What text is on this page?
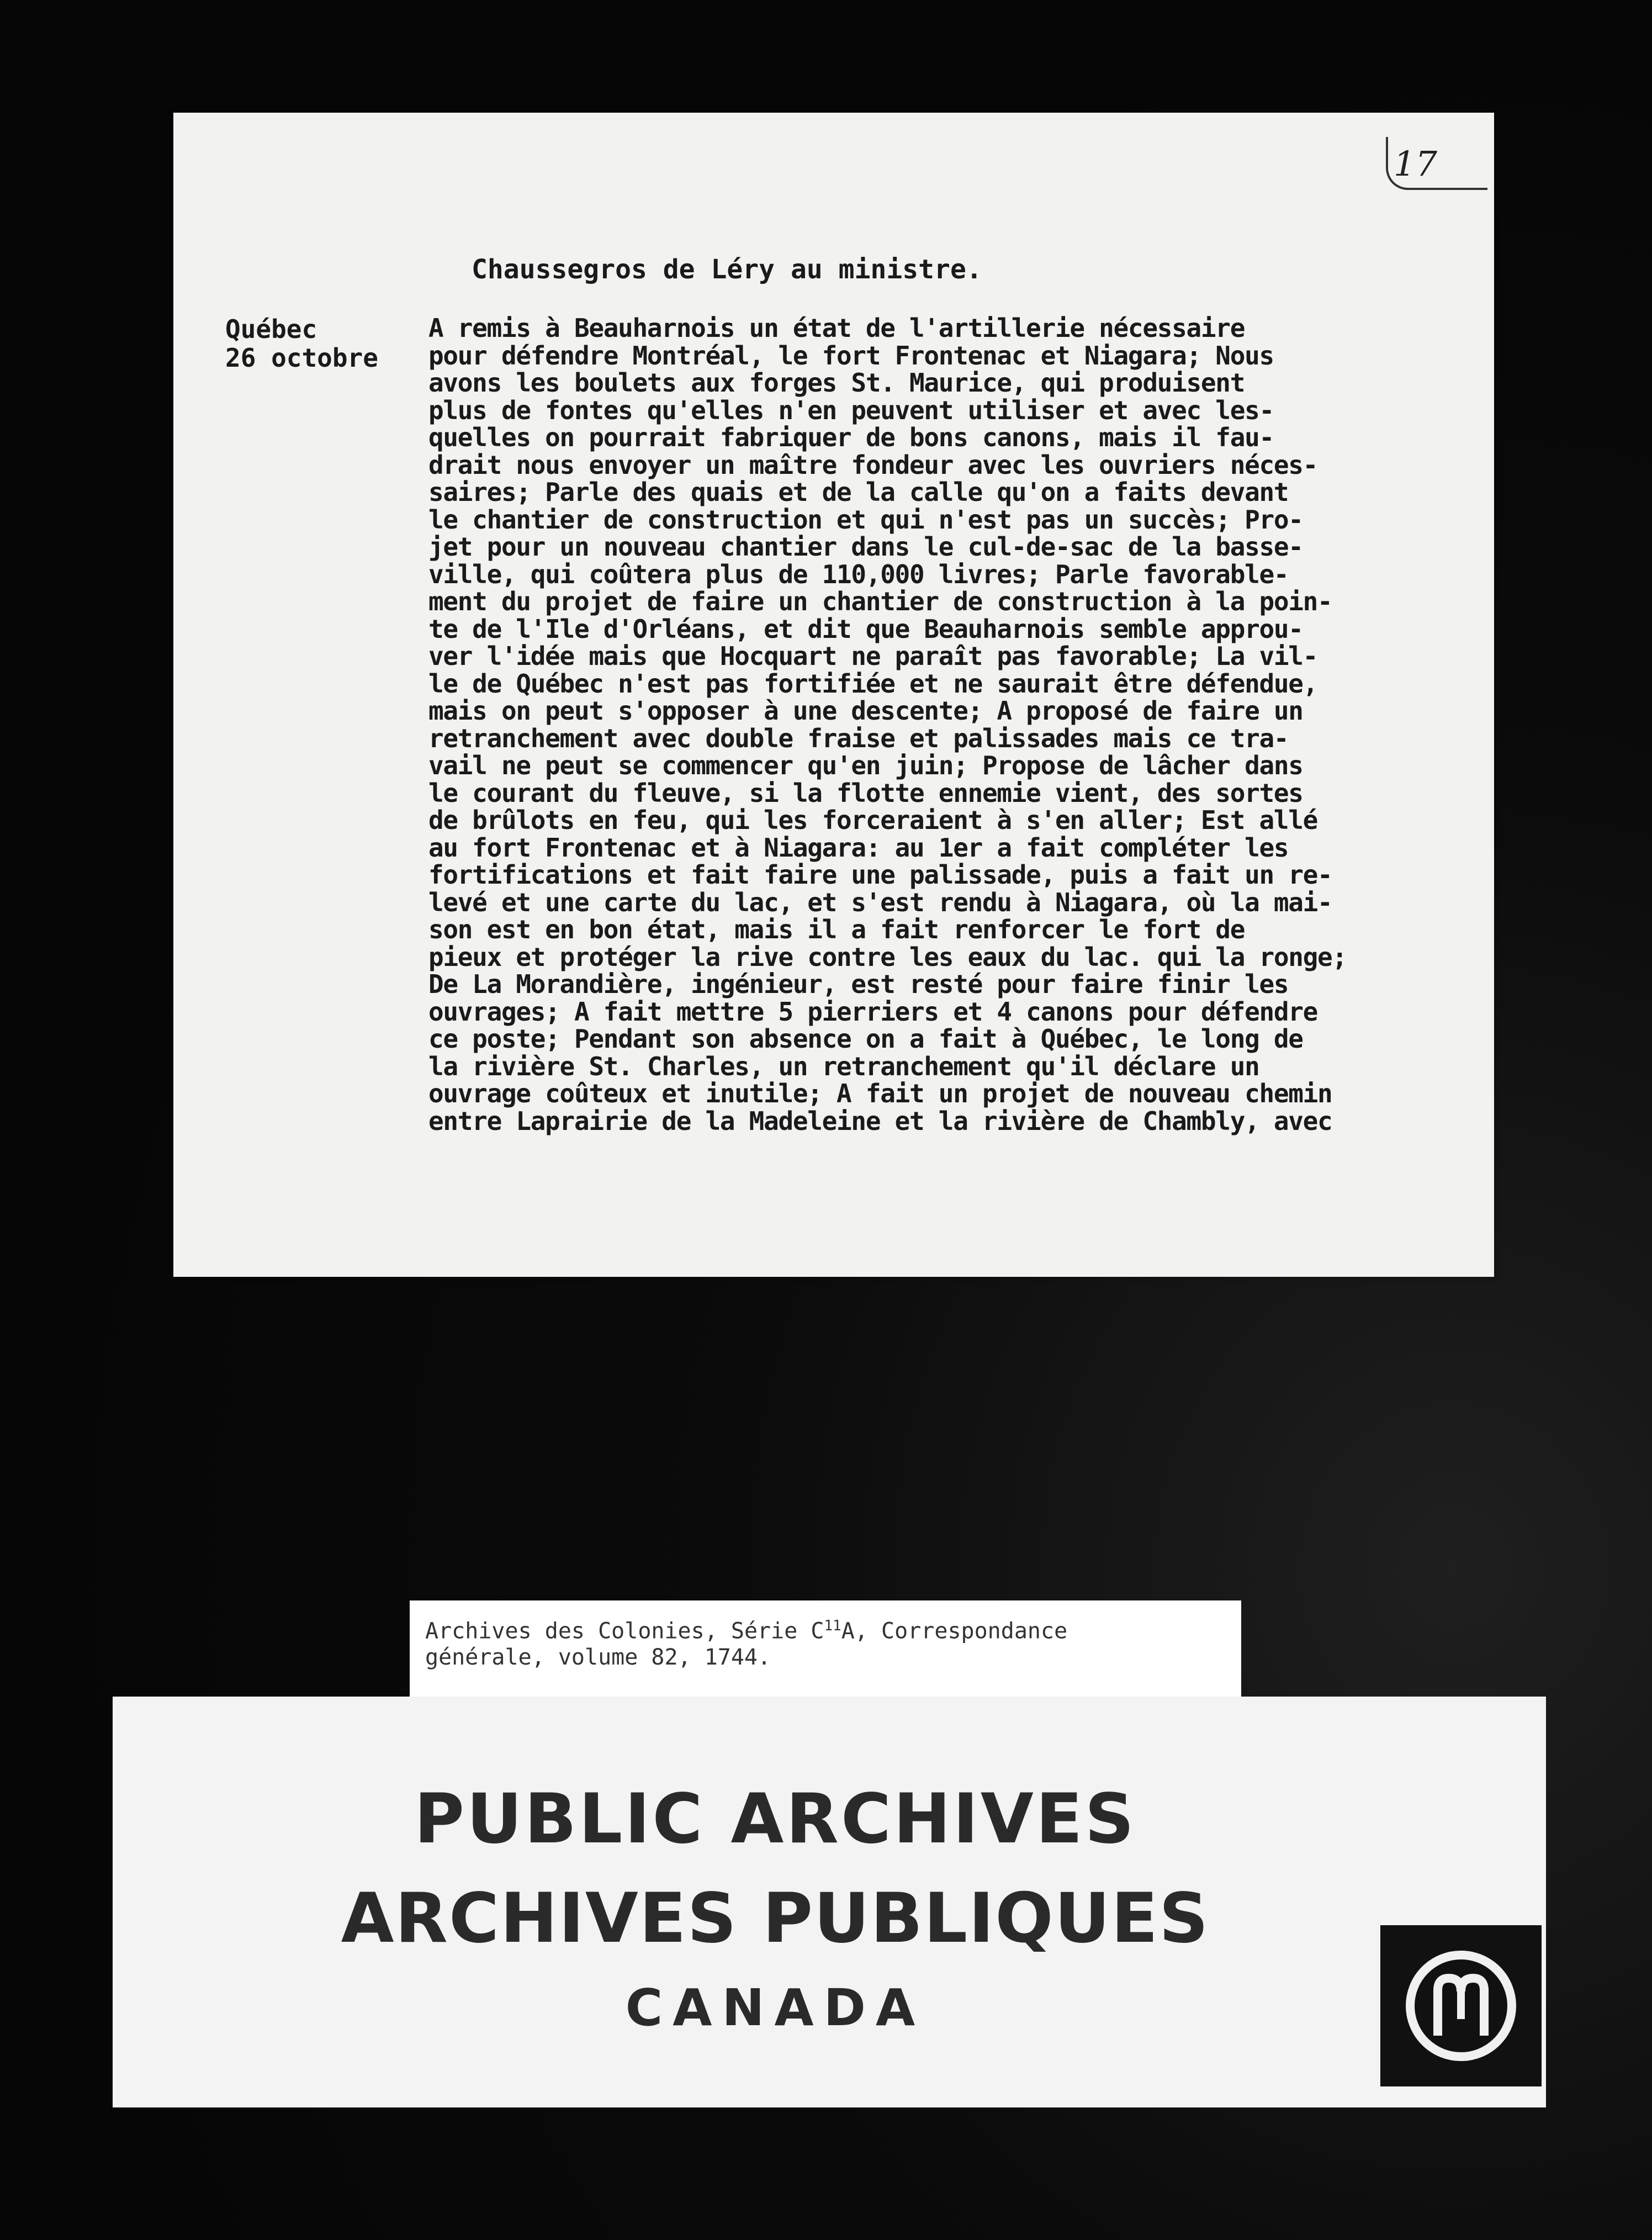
17
Chaussegros de Léry au ministre.
Québec
26 octobre
A remis à Beauharnois un état de l'artillerie nécessaire
pour défendre Montréal, le fort Frontenac et Niagara; Nous
avons les boulets aux forges St. Maurice, qui produisent
plus de fontes qu'elles n'en peuvent utiliser et avec les-
quelles on pourrait fabriquer de bons canons, mais il fau-
drait nous envoyer un maître fondeur avec les ouvriers néces-
saires; Parle des quais et de la calle qu'on a faits devant
le chantier de construction et qui n'est pas un succès; Pro-
jet pour un nouveau chantier dans le cul-de-sac de la basse-
ville, qui coûtera plus de 110,000 livres; Parle favorable-
ment du projet de faire un chantier de construction à la poin-
te de l'Ile d'Orléans, et dit que Beauharnois semble approu-
ver l'idée mais que Hocquart ne paraît pas favorable; La vil-
le de Québec n'est pas fortifiée et ne saurait être défendue,
mais on peut s'opposer à une descente; A proposé de faire un
retranchement avec double fraise et palissades mais ce tra-
vail ne peut se commencer qu'en juin; Propose de lâcher dans
le courant du fleuve, si la flotte ennemie vient, des sortes
de brûlots en feu, qui les forceraient à s'en aller; Est allé
au fort Frontenac et à Niagara: au 1er a fait compléter les
fortifications et fait faire une palissade, puis a fait un re-
levé et une carte du lac, et s'est rendu à Niagara, où la mai-
son est en bon état, mais il a fait renforcer le fort de
pieux et protéger la rive contre les eaux du lac. qui la ronge;
De La Morandière, ingénieur, est resté pour faire finir les
ouvrages; A fait mettre 5 pierriers et 4 canons pour défendre
ce poste; Pendant son absence on a fait à Québec, le long de
la rivière St. Charles, un retranchement qu'il déclare un
ouvrage coûteux et inutile; A fait un projet de nouveau chemin
entre Laprairie de la Madeleine et la rivière de Chambly, avec
Archives des Colonies, Série $C^{11}A$, Correspondance
générale, volume 82, 1744.
PUBLIC ARCHIVES
ARCHIVES PUBLIQUES
CANADA
